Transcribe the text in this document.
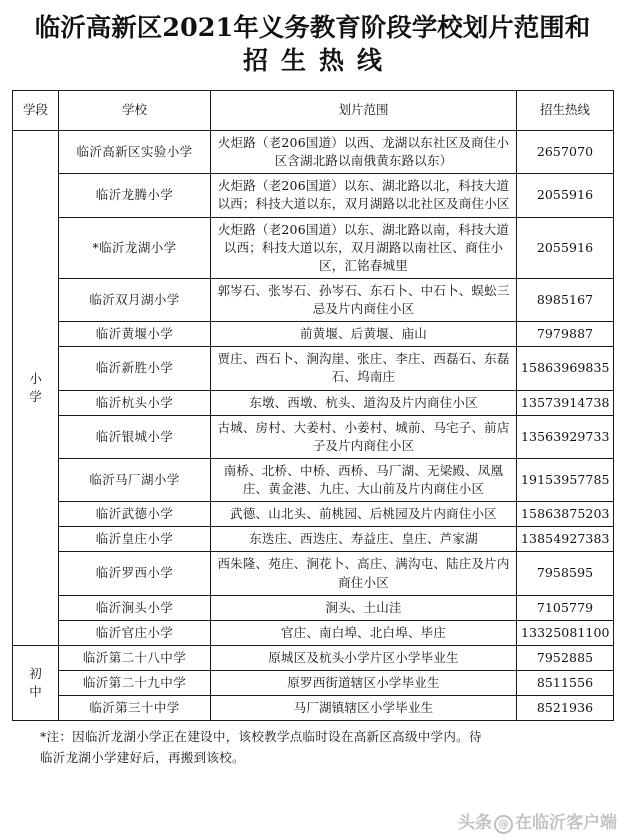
临沂高新区2021年义务教育阶段学校划片范围和
招生热线
学段	学校	划片范围	招生热线

小学	临沂高新区实验小学	火炬路（老206国道）以西、龙湖以东社区及商住小区含湖北路以南俄黄东路以东）	2657070
	临沂龙腾小学	火炬路（老206国道）以东、湖北路以北，科技大道以西；科技大道以东，双月湖路以北社区及商住小区	2055916
	*临沂龙湖小学	火炬路（老206国道）以东、湖北路以南，科技大道以西；科技大道以东，双月湖路以南社区、商住小区，汇铭春城里	2055916
	临沂双月湖小学	郭岑石、张岑石、孙岑石、东石卜、中石卜、蜈蚣三忌及片内商住小区	8985167
	临沂黄堰小学	前黄堰、后黄堰、庙山	7979887
	临沂新胜小学	贾庄、西石卜、涧沟崖、张庄、李庄、西磊石、东磊石、坞南庄	15863969835
	临沂杭头小学	东墩、西墩、杭头、道沟及片内商住小区	13573914738
	临沂银城小学	古城、房村、大姜村、小姜村、城前、马宅子、前店子及片内商住小区	13563929733
	临沂马厂湖小学	南桥、北桥、中桥、西桥、马厂湖、无梁殿、凤凰庄、黄金港、九庄、大山前及片内商住小区	19153957785
	临沂武德小学	武德、山北头、前桃园、后桃园及片内商住小区	15863875203
	临沂皇庄小学	东迭庄、西迭庄、寿益庄、皇庄、芦家湖	13854927383
	临沂罗西小学	西朱隆、苑庄、涧花卜、高庄、满沟屯、陆庄及片内商住小区	7958595
	临沂涧头小学	涧头、土山洼	7105779
	临沂官庄小学	官庄、南白埠、北白埠、毕庄	13325081100

初中	临沂第二十八中学	原城区及杭头小学片区小学毕业生	7952885
	临沂第二十九中学	原罗西街道辖区小学毕业生	8511556
	临沂第三十中学	马厂湖镇辖区小学毕业生	8521936
*注：因临沂龙湖小学正在建设中，该校教学点临时设在高新区高级中学内。待
临沂龙湖小学建好后，再搬到该校。
头条 @ 在临沂客户端
